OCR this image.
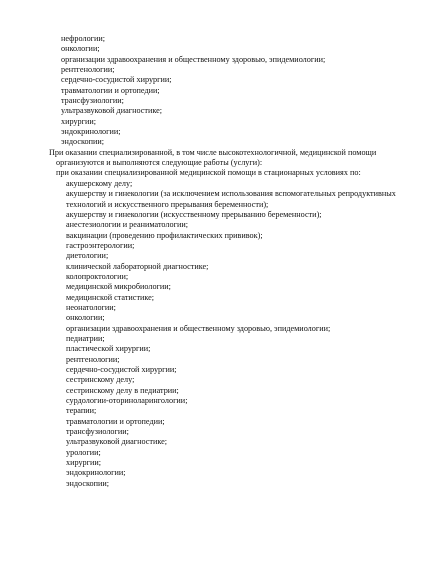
нефрологии;
онкологии;
организации здравоохранения и общественному здоровью, эпидемиологии;
рентгенологии;
сердечно-сосудистой хирургии;
травматологии и ортопедии;
трансфузиологии;
ультразвуковой диагностике;
хирургии;
эндокринологии;
эндоскопии;
При оказании специализированной, в том числе высокотехнологичной, медицинской помощи
организуются и выполняются следующие работы (услуги):
при оказании специализированной медицинской помощи в стационарных условиях по:
акушерскому делу;
акушерству и гинекологии (за исключением использования вспомогательных репродуктивных
технологий и искусственного прерывания беременности);
акушерству и гинекологии (искусственному прерыванию беременности);
анестезиологии и реаниматологии;
вакцинации (проведению профилактических прививок);
гастроэнтерологии;
диетологии;
клинической лабораторной диагностике;
колопроктологии;
медицинской микробиологии;
медицинской статистике;
неонатологии;
онкологии;
организации здравоохранения и общественному здоровью, эпидемиологии;
педиатрии;
пластической хирургии;
рентгенологии;
сердечно-сосудистой хирургии;
сестринскому делу;
сестринскому делу в педиатрии;
сурдологии-оториноларингологии;
терапии;
травматологии и ортопедии;
трансфузиологии;
ультразвуковой диагностике;
урологии;
хирургии;
эндокринологии;
эндоскопии;
